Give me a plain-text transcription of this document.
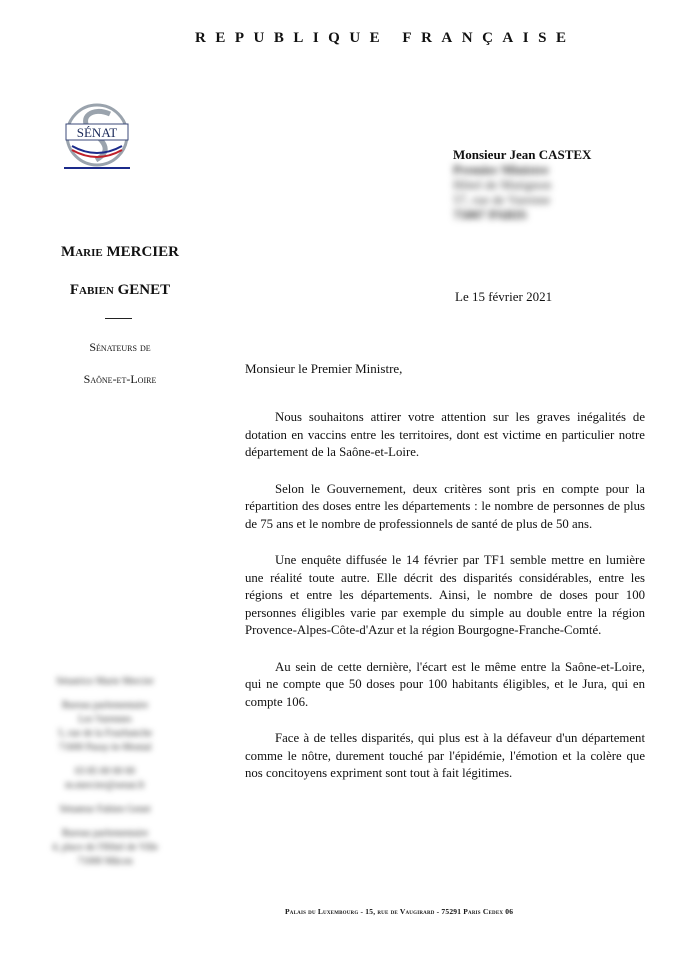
REPUBLIQUE FRANÇAISE
SÉNAT
Marie MERCIER
Fabien GENET
Sénateurs de
Saône-et-Loire
Monsieur Jean CASTEX
Premier Ministre
Hôtel de Matignon
57, rue de Varenne
75007 PARIS
Le 15 février 2021
Monsieur le Premier Ministre,

Nous souhaitons attirer votre attention sur les graves inégalités de dotation en vaccins entre les territoires, dont est victime en particulier notre département de la Saône-et-Loire.

Selon le Gouvernement, deux critères sont pris en compte pour la répartition des doses entre les départements : le nombre de personnes de plus de 75 ans et le nombre de professionnels de santé de plus de 50 ans.

Une enquête diffusée le 14 février par TF1 semble mettre en lumière une réalité toute autre. Elle décrit des disparités considérables, entre les régions et entre les départements. Ainsi, le nombre de doses pour 100 personnes éligibles varie par exemple du simple au double entre la région Provence-Alpes-Côte-d'Azur et la région Bourgogne-Franche-Comté.

Au sein de cette dernière, l'écart est le même entre la Saône-et-Loire, qui ne compte que 50 doses pour 100 habitants éligibles, et le Jura, qui en compte 106.

Face à de telles disparités, qui plus est à la défaveur d'un département comme le nôtre, durement touché par l'épidémie, l'émotion et la colère que nos concitoyens expriment sont tout à fait légitimes.

Sénatrice Marie Mercier
Bureau parlementaire
Les Varennes
5, rue de la Fourbanche
71600 Paray-le-Monial
03 85 00 00 00
m.mercier@senat.fr
Sénateur Fabien Genet
Bureau parlementaire
4, place de l'Hôtel de Ville
71000 Mâcon
Palais du Luxembourg - 15, rue de Vaugirard - 75291 Paris Cedex 06
